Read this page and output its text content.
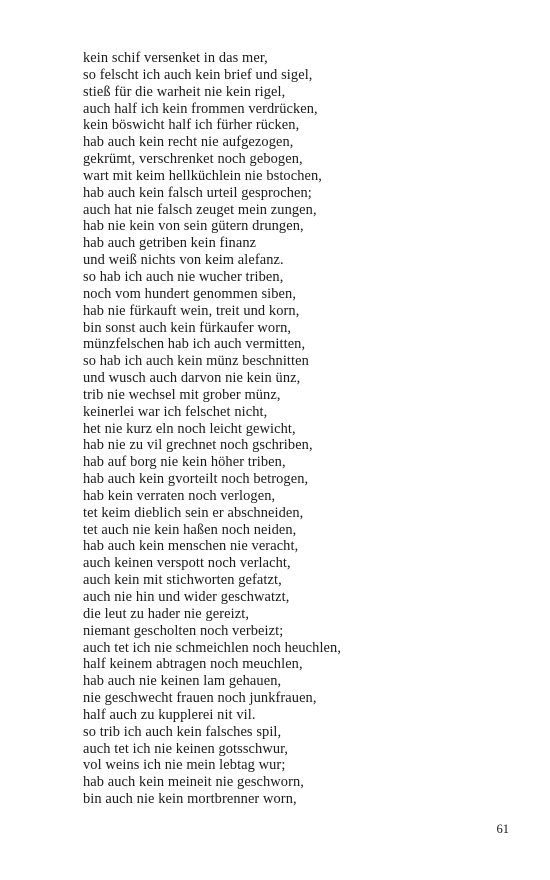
kein schif versenket in das mer,
so felscht ich auch kein brief und sigel,
stieß für die warheit nie kein rigel,
auch half ich kein frommen verdrücken,
kein böswicht half ich fürher rücken,
hab auch kein recht nie aufgezogen,
gekrümt, verschrenket noch gebogen,
wart mit keim hellküchlein nie bstochen,
hab auch kein falsch urteil gesprochen;
auch hat nie falsch zeuget mein zungen,
hab nie kein von sein gütern drungen,
hab auch getriben kein finanz
und weiß nichts von keim alefanz.
so hab ich auch nie wucher triben,
noch vom hundert genommen siben,
hab nie fürkauft wein, treit und korn,
bin sonst auch kein fürkaufer worn,
münzfelschen hab ich auch vermitten,
so hab ich auch kein münz beschnitten
und wusch auch darvon nie kein ünz,
trib nie wechsel mit grober münz,
keinerlei war ich felschet nicht,
het nie kurz eln noch leicht gewicht,
hab nie zu vil grechnet noch gschriben,
hab auf borg nie kein höher triben,
hab auch kein gvorteilt noch betrogen,
hab kein verraten noch verlogen,
tet keim dieblich sein er abschneiden,
tet auch nie kein haßen noch neiden,
hab auch kein menschen nie veracht,
auch keinen verspott noch verlacht,
auch kein mit stichworten gefatzt,
auch nie hin und wider geschwatzt,
die leut zu hader nie gereizt,
niemant gescholten noch verbeizt;
auch tet ich nie schmeichlen noch heuchlen,
half keinem abtragen noch meuchlen,
hab auch nie keinen lam gehauen,
nie geschwecht frauen noch junkfrauen,
half auch zu kupplerei nit vil.
so trib ich auch kein falsches spil,
auch tet ich nie keinen gotsschwur,
vol weins ich nie mein lebtag wur;
hab auch kein meineit nie geschworn,
bin auch nie kein mortbrenner worn,
61
